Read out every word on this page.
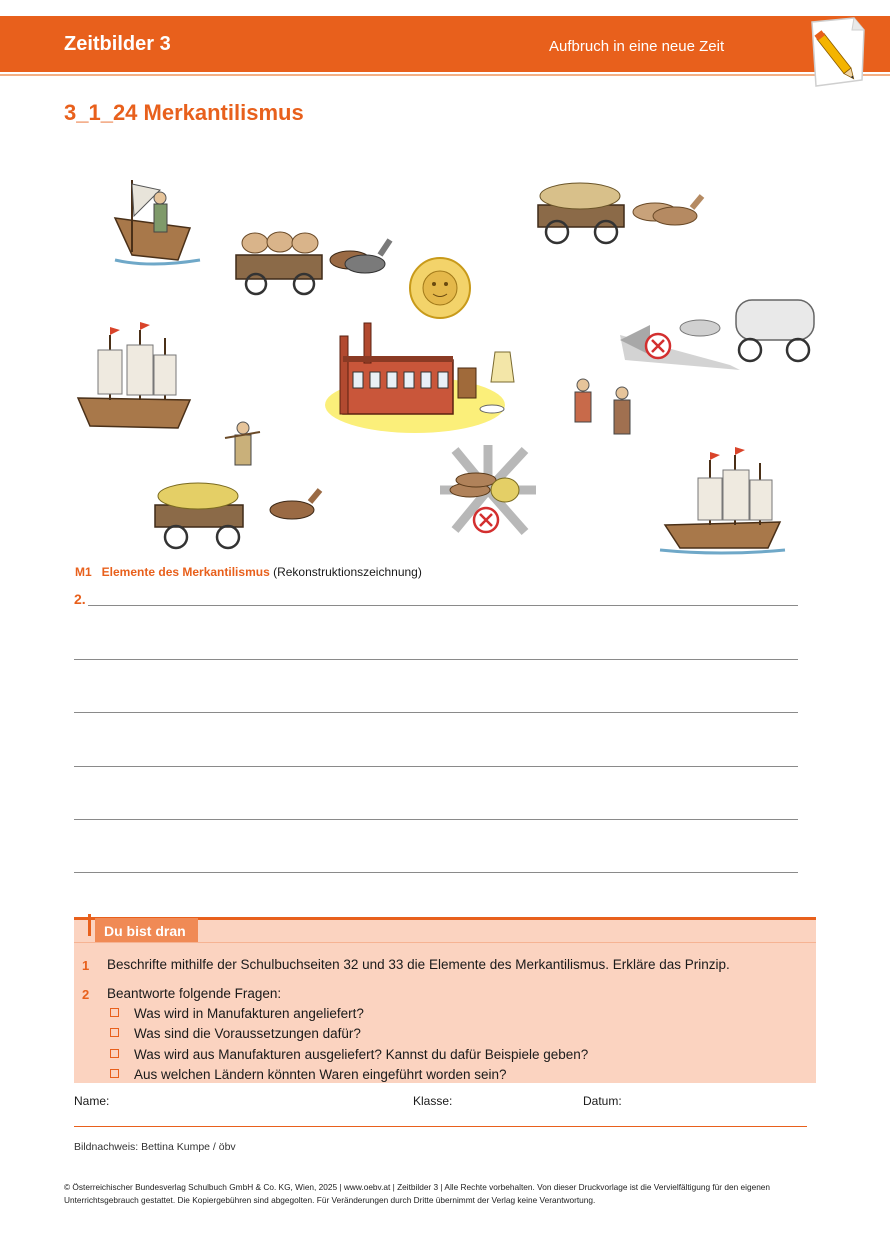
Zeitbilder 3	Aufbruch in eine neue Zeit
3_1_24 Merkantilismus
M1 Elemente des Merkantilismus (Rekonstruktionszeichnung)
2.
Du bist dran
1 Beschrifte mithilfe der Schulbuchseiten 32 und 33 die Elemente des Merkantilismus. Erkläre das Prinzip.
2 Beantworte folgende Fragen:
Was wird in Manufakturen angeliefert?
Was sind die Voraussetzungen dafür?
Was wird aus Manufakturen ausgeliefert? Kannst du dafür Beispiele geben?
Aus welchen Ländern könnten Waren eingeführt worden sein?
Name:	Klasse:	Datum:
Bildnachweis: Bettina Kumpe / öbv
© Österreichischer Bundesverlag Schulbuch GmbH & Co. KG, Wien, 2025 | www.oebv.at | Zeitbilder 3 | Alle Rechte vorbehalten. Von dieser Druckvorlage ist die Vervielfältigung für den eigenen Unterrichtsgebrauch gestattet. Die Kopiergebühren sind abgegolten. Für Veränderungen durch Dritte übernimmt der Verlag keine Verantwortung.
